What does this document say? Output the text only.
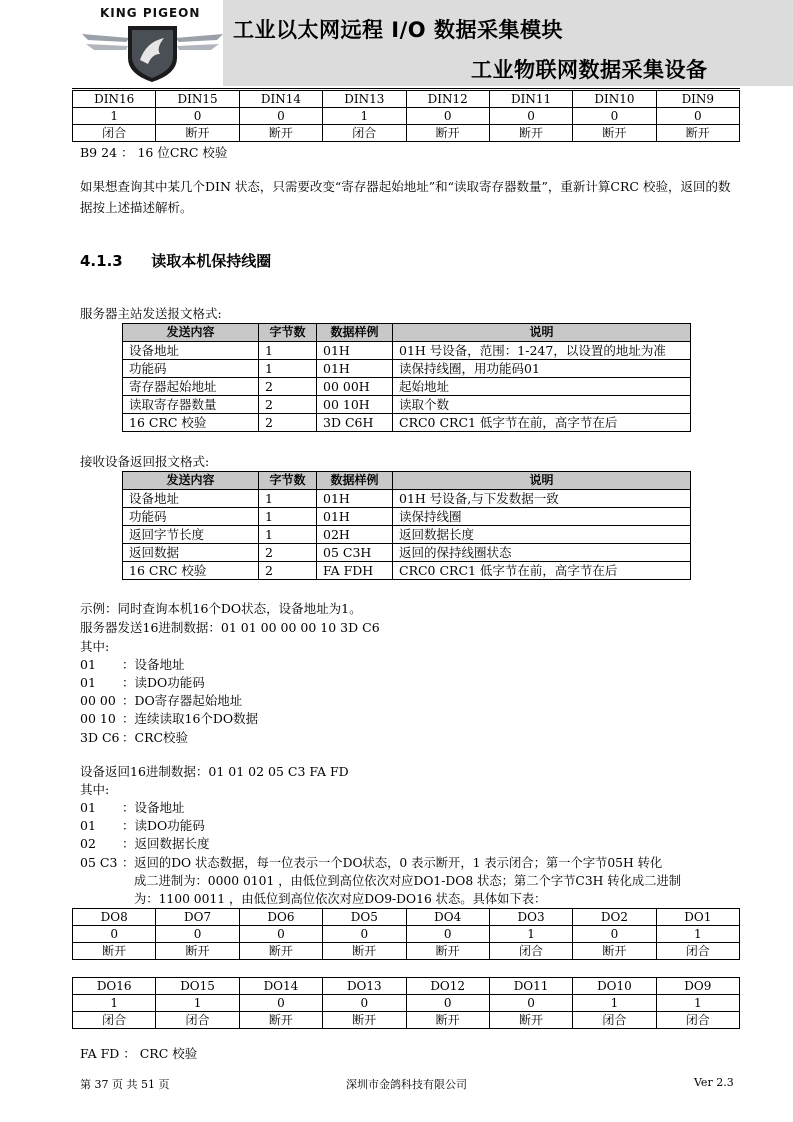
KING PIGEON
工业以太网远程 I/O 数据采集模块
工业物联网数据采集设备
DIN16	DIN15	DIN14	DIN13	DIN12	DIN11	DIN10	DIN9
1	0	0	1	0	0	0	0
闭合	断开	断开	闭合	断开	断开	断开	断开
B9 24 ： 16 位CRC 校验
如果想查询其中某几个DIN 状态，只需要改变“寄存器起始地址”和“读取寄存器数量”，重新计算CRC 校验，返回的数据按上述描述解析。
4.1.3 读取本机保持线圈
服务器主站发送报文格式:
发送内容	字节数	数据样例	说明
设备地址	1	01H	01H 号设备，范围：1-247，以设置的地址为准
功能码	1	01H	读保持线圈，用功能码01
寄存器起始地址	2	00 00H	起始地址
读取寄存器数量	2	00 10H	读取个数
16 CRC 校验	2	3D C6H	CRC0 CRC1 低字节在前，高字节在后
接收设备返回报文格式:
发送内容	字节数	数据样例	说明
设备地址	1	01H	01H 号设备,与下发数据一致
功能码	1	01H	读保持线圈
返回字节长度	1	02H	返回数据长度
返回数据	2	05 C3H	返回的保持线圈状态
16 CRC 校验	2	FA FDH	CRC0 CRC1 低字节在前，高字节在后
示例：同时查询本机16个DO状态，设备地址为1。
服务器发送16进制数据：01 01 00 00 00 10 3D C6
其中:
01 ：设备地址
01 ：读DO功能码
00 00 ：DO寄存器起始地址
00 10 ：连续读取16个DO数据
3D C6 ：CRC校验
设备返回16进制数据：01 01 02 05 C3 FA FD
其中:
01 ：设备地址
01 ：读DO功能码
02 ：返回数据长度
05 C3 ：返回的DO 状态数据，每一位表示一个DO状态，0 表示断开，1 表示闭合；第一个字节05H 转化
成二进制为：0000 0101 ，由低位到高位依次对应DO1-DO8 状态；第二个字节C3H 转化成二进制
为：1100 0011 ，由低位到高位依次对应DO9-DO16 状态。具体如下表：
DO8	DO7	DO6	DO5	DO4	DO3	DO2	DO1
0	0	0	0	0	1	0	1
断开	断开	断开	断开	断开	闭合	断开	闭合
DO16	DO15	DO14	DO13	DO12	DO11	DO10	DO9
1	1	0	0	0	0	1	1
闭合	闭合	断开	断开	断开	断开	闭合	闭合
FA FD ： CRC 校验
第 37 页 共 51 页	深圳市金鸽科技有限公司	Ver 2.3
